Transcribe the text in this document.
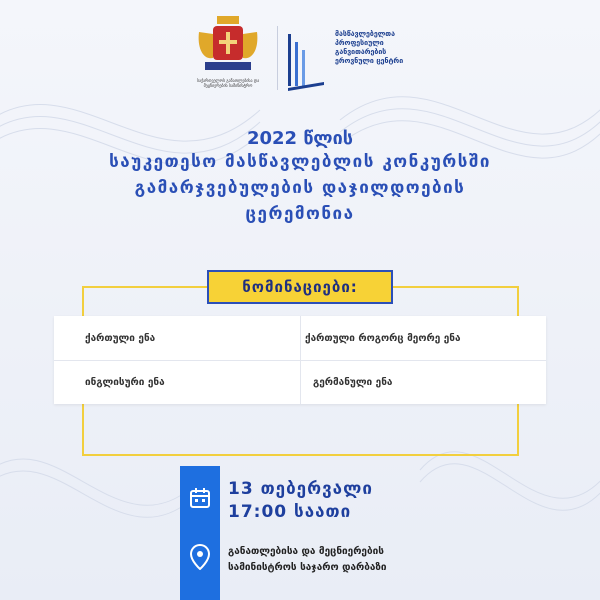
საქართველოს განათლებისა და მეცნიერების სამინისტრო
მასწავლებელთა პროფესიული განვითარების ეროვნული ცენტრი
2022 წლის
საუკეთესო მასწავლებლის კონკურსში
გამარჯვებულების დაჯილდოების
ცერემონია
ქართული ენა	ქართული როგორც მეორე ენა
ინგლისური ენა	გერმანული ენა
ნომინაციები:
13 თებერვალი
17:00 საათი
განათლებისა და მეცნიერების
სამინისტროს საჯარო დარბაზი
